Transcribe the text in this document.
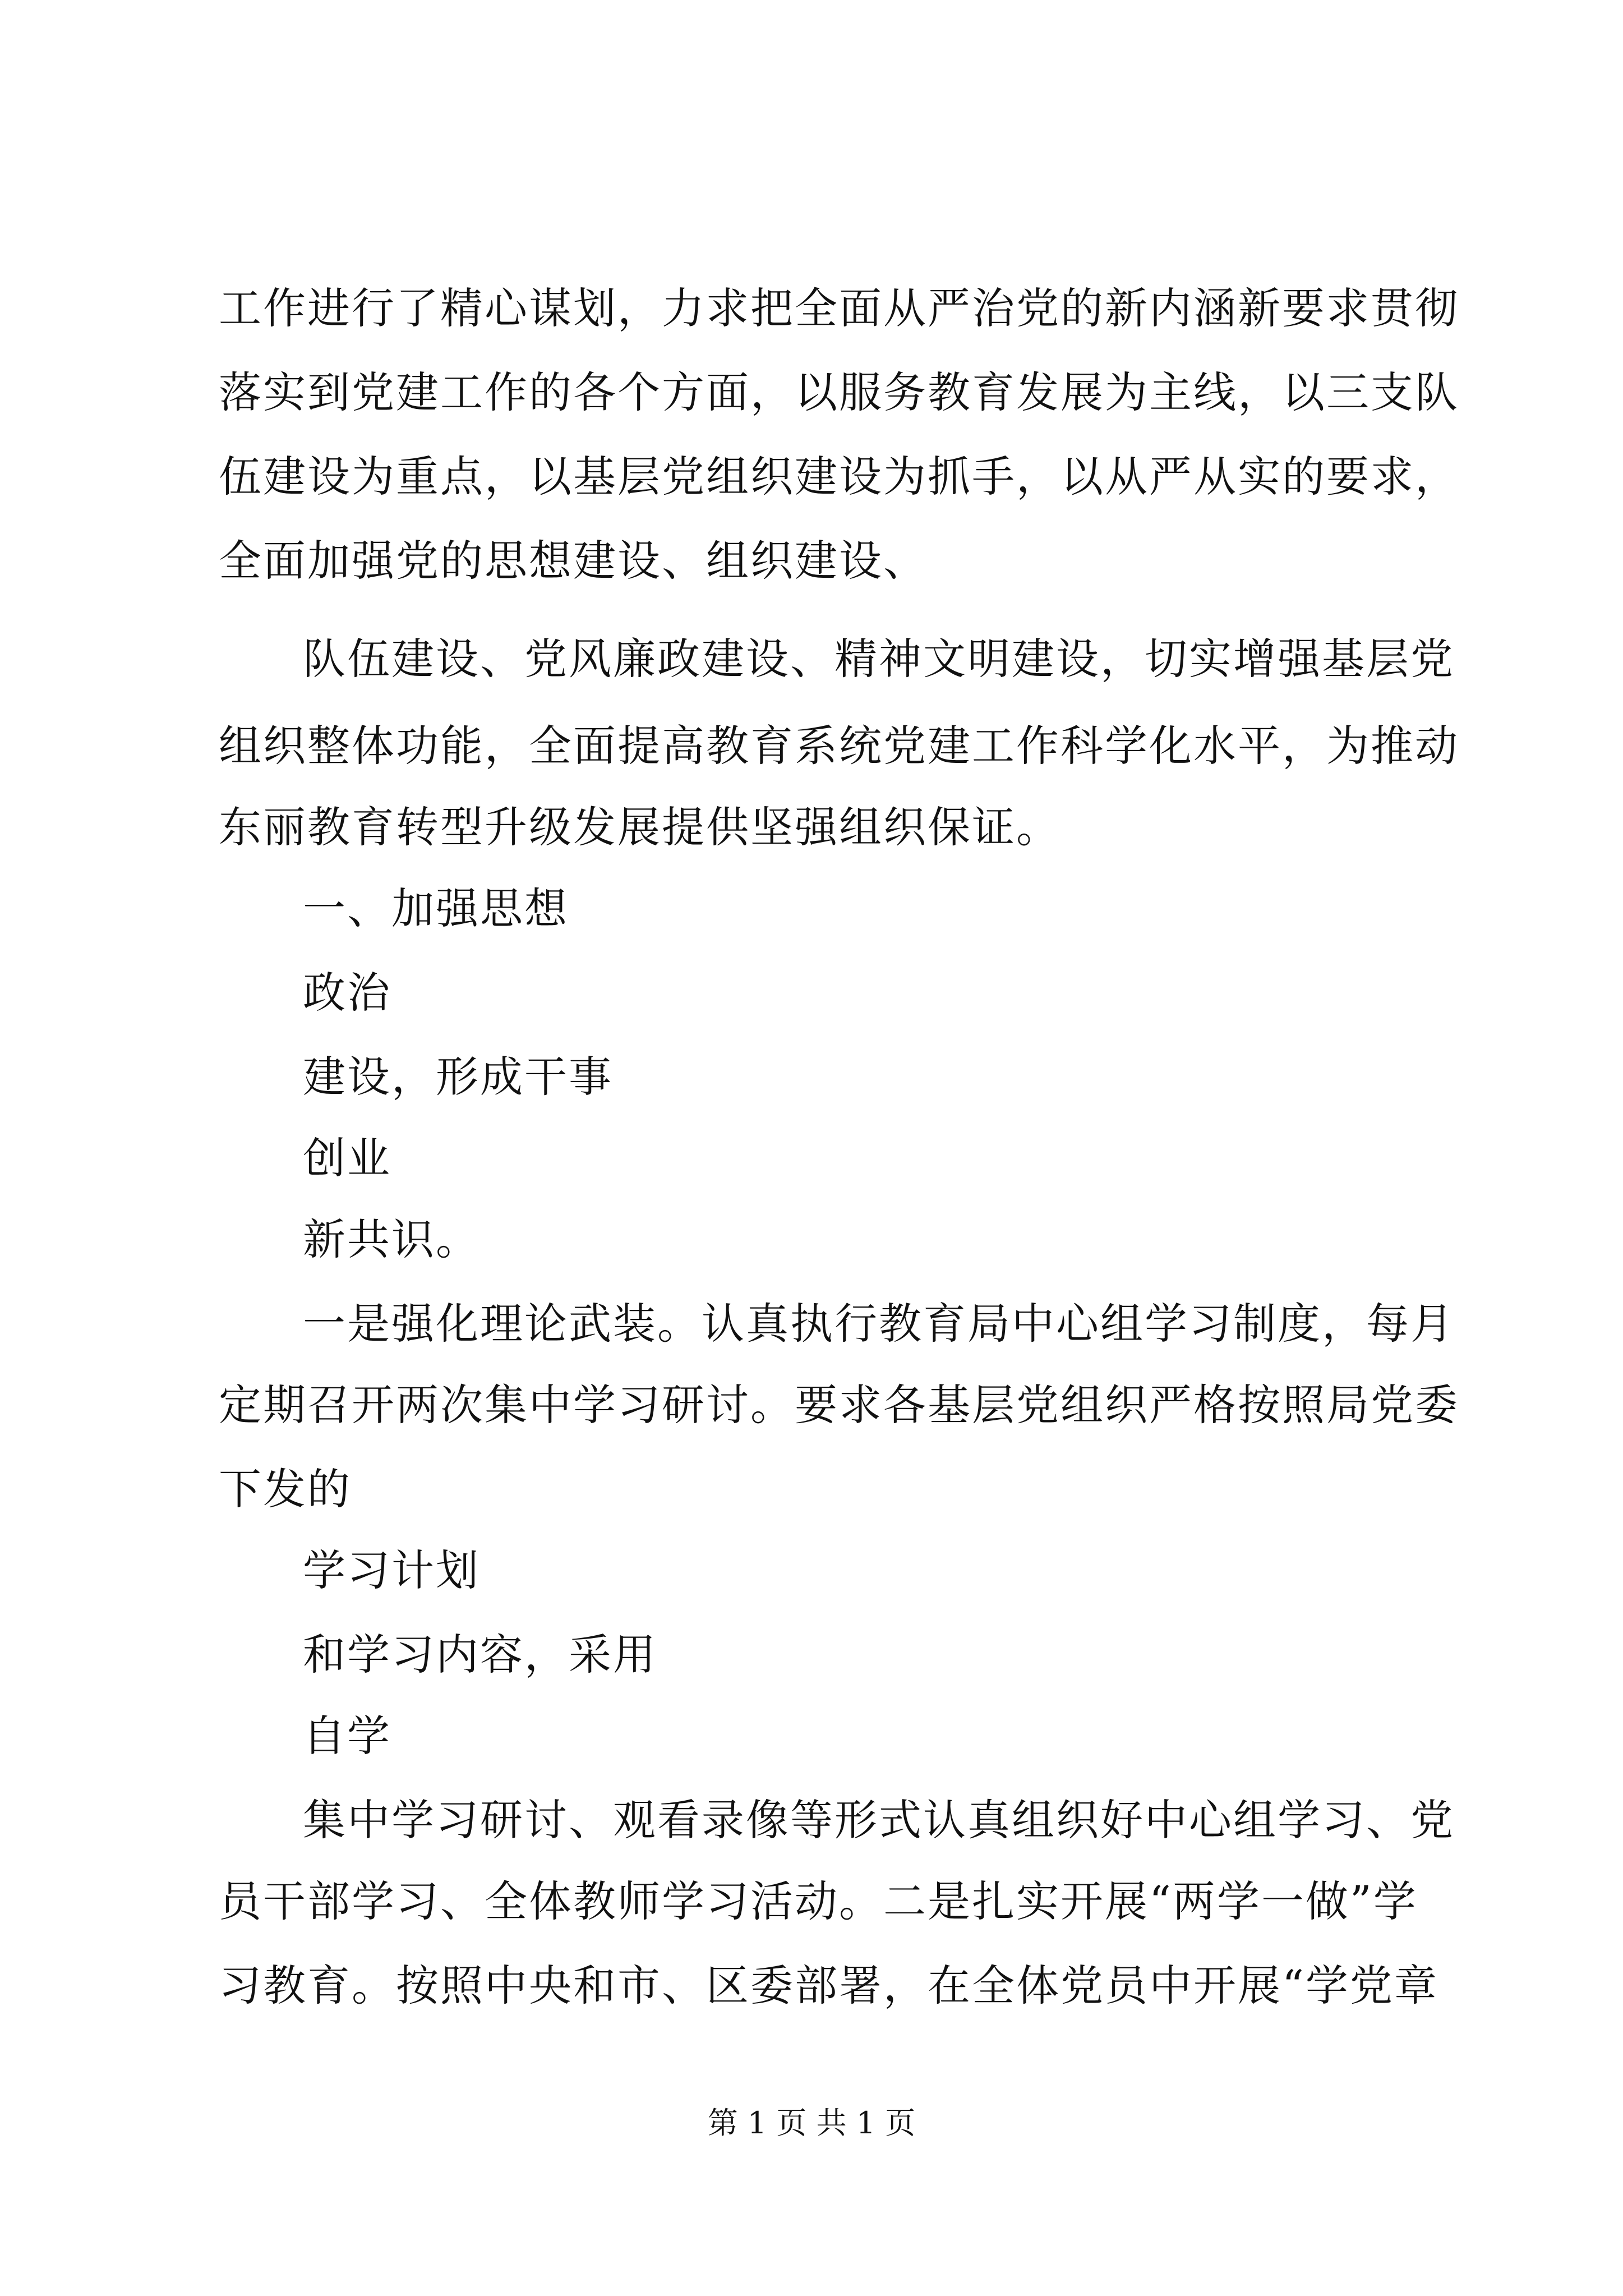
工作进行了精心谋划，力求把全面从严治党的新内涵新要求贯彻

落实到党建工作的各个方面，以服务教育发展为主线，以三支队

伍建设为重点，以基层党组织建设为抓手，以从严从实的要求，

全面加强党的思想建设、组织建设、

队伍建设、党风廉政建设、精神文明建设，切实增强基层党

组织整体功能，全面提高教育系统党建工作科学化水平，为推动

东丽教育转型升级发展提供坚强组织保证。

一、加强思想

政治

建设，形成干事

创业

新共识。

一是强化理论武装。认真执行教育局中心组学习制度，每月

定期召开两次集中学习研讨。要求各基层党组织严格按照局党委

下发的

学习计划

和学习内容，采用

自学

集中学习研讨、观看录像等形式认真组织好中心组学习、党

员干部学习、全体教师学习活动。二是扎实开展“两学一做”学

习教育。按照中央和市、区委部署，在全体党员中开展“学党章

第 1 页 共 1 页
